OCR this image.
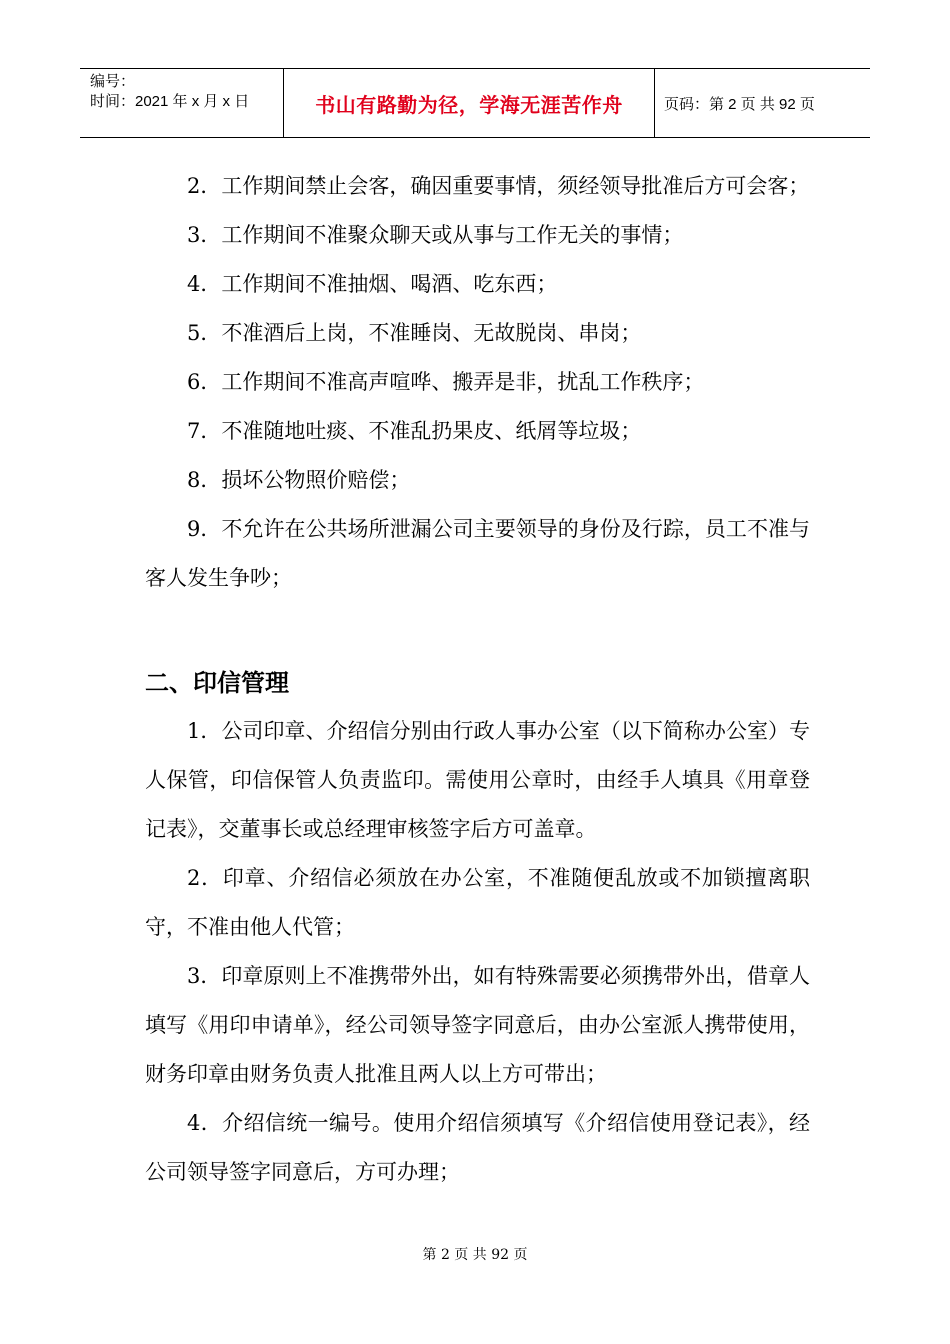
编号：
时间：2021 年 x 月 x 日	书山有路勤为径，学海无涯苦作舟	页码：第 2 页 共 92 页

2．工作期间禁止会客，确因重要事情，须经领导批准后方可会客；

3．工作期间不准聚众聊天或从事与工作无关的事情；

4．工作期间不准抽烟、喝酒、吃东西；

5．不准酒后上岗，不准睡岗、无故脱岗、串岗；

6．工作期间不准高声喧哗、搬弄是非，扰乱工作秩序；

7．不准随地吐痰、不准乱扔果皮、纸屑等垃圾；

8．损坏公物照价赔偿；

9．不允许在公共场所泄漏公司主要领导的身份及行踪，员工不准与客人发生争吵；

二、印信管理

1．公司印章、介绍信分别由行政人事办公室（以下简称办公室）专人保管，印信保管人负责监印。需使用公章时，由经手人填具《用章登记表》，交董事长或总经理审核签字后方可盖章。

2．印章、介绍信必须放在办公室，不准随便乱放或不加锁擅离职守，不准由他人代管；

3．印章原则上不准携带外出，如有特殊需要必须携带外出，借章人填写《用印申请单》，经公司领导签字同意后，由办公室派人携带使用，财务印章由财务负责人批准且两人以上方可带出；

4．介绍信统一编号。使用介绍信须填写《介绍信使用登记表》，经公司领导签字同意后，方可办理；

第 2 页 共 92 页
